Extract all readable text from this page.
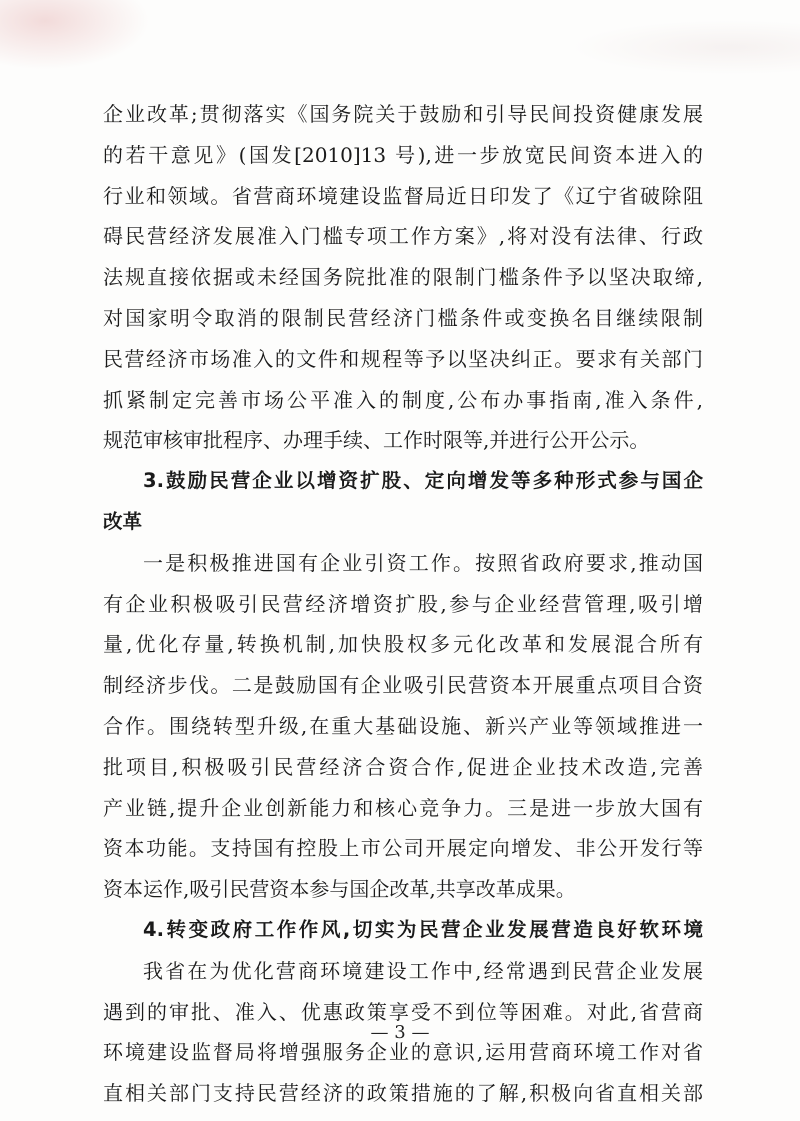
企业改革;贯彻落实《国务院关于鼓励和引导民间投资健康发展
的若干意见》(国发[2010]13 号),进一步放宽民间资本进入的
行业和领域。省营商环境建设监督局近日印发了《辽宁省破除阻
碍民营经济发展准入门槛专项工作方案》,将对没有法律、行政
法规直接依据或未经国务院批准的限制门槛条件予以坚决取缔,
对国家明令取消的限制民营经济门槛条件或变换名目继续限制
民营经济市场准入的文件和规程等予以坚决纠正。要求有关部门
抓紧制定完善市场公平准入的制度,公布办事指南,准入条件,
规范审核审批程序、办理手续、工作时限等,并进行公开公示。
3.鼓励民营企业以增资扩股、定向增发等多种形式参与国企
改革
一是积极推进国有企业引资工作。按照省政府要求,推动国
有企业积极吸引民营经济增资扩股,参与企业经营管理,吸引增
量,优化存量,转换机制,加快股权多元化改革和发展混合所有
制经济步伐。二是鼓励国有企业吸引民营资本开展重点项目合资
合作。围绕转型升级,在重大基础设施、新兴产业等领域推进一
批项目,积极吸引民营经济合资合作,促进企业技术改造,完善
产业链,提升企业创新能力和核心竞争力。三是进一步放大国有
资本功能。支持国有控股上市公司开展定向增发、非公开发行等
资本运作,吸引民营资本参与国企改革,共享改革成果。
4.转变政府工作作风,切实为民营企业发展营造良好软环境
我省在为优化营商环境建设工作中,经常遇到民营企业发展
遇到的审批、准入、优惠政策享受不到位等困难。对此,省营商
环境建设监督局将增强服务企业的意识,运用营商环境工作对省
直相关部门支持民营经济的政策措施的了解,积极向省直相关部
— 3 —
